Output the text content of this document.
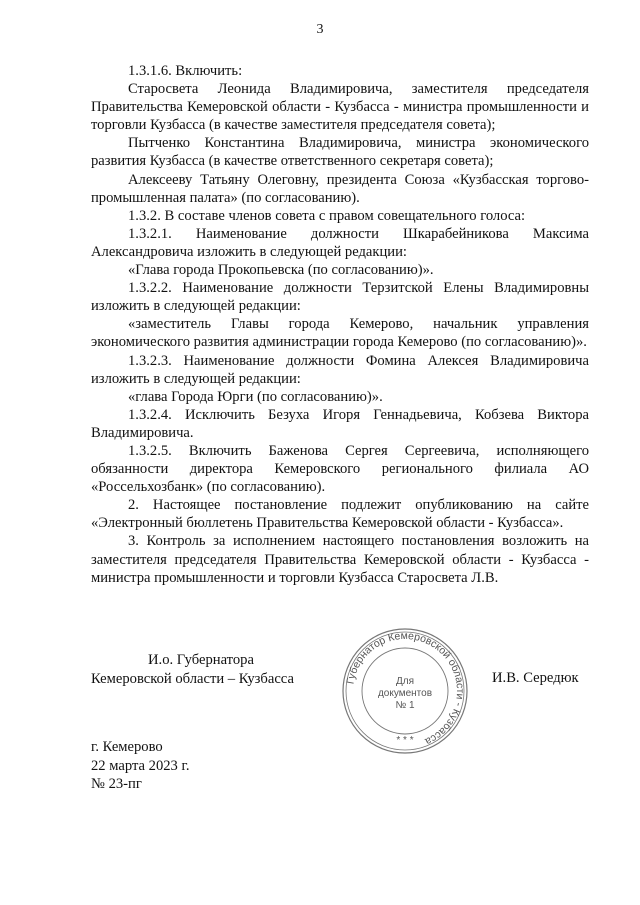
3

1.3.1.6. Включить:

Старосвета Леонида Владимировича, заместителя председателя Правительства Кемеровской области - Кузбасса - министра промышленности и торговли Кузбасса (в качестве заместителя председателя совета);

Пытченко Константина Владимировича, министра экономического развития Кузбасса (в качестве ответственного секретаря совета);

Алексееву Татьяну Олеговну, президента Союза «Кузбасская торгово-промышленная палата» (по согласованию).

1.3.2. В составе членов совета с правом совещательного голоса:

1.3.2.1. Наименование должности Шкарабейникова Максима Александровича изложить в следующей редакции:

«Глава города Прокопьевска (по согласованию)».

1.3.2.2. Наименование должности Терзитской Елены Владимировны изложить в следующей редакции:

«заместитель Главы города Кемерово, начальник управления экономического развития администрации города Кемерово (по согласованию)».

1.3.2.3. Наименование должности Фомина Алексея Владимировича изложить в следующей редакции:

«глава Города Юрги (по согласованию)».

1.3.2.4. Исключить Безуха Игоря Геннадьевича, Кобзева Виктора Владимировича.

1.3.2.5. Включить Баженова Сергея Сергеевича, исполняющего обязанности директора Кемеровского регионального филиала АО «Россельхозбанк» (по согласованию).

2. Настоящее постановление подлежит опубликованию на сайте «Электронный бюллетень Правительства Кемеровской области - Кузбасса».

3. Контроль за исполнением настоящего постановления возложить на заместителя председателя Правительства Кемеровской области - Кузбасса - министра промышленности и торговли Кузбасса Старосвета Л.В.

И.о. Губернатора
Кемеровской области – Кузбасса	Губернатор Кемеровской области - Кузбасса
Для
документов
№ 1
* * *
И.В. Середюк
г. Кемерово
22 марта 2023 г.
№ 23-пг
